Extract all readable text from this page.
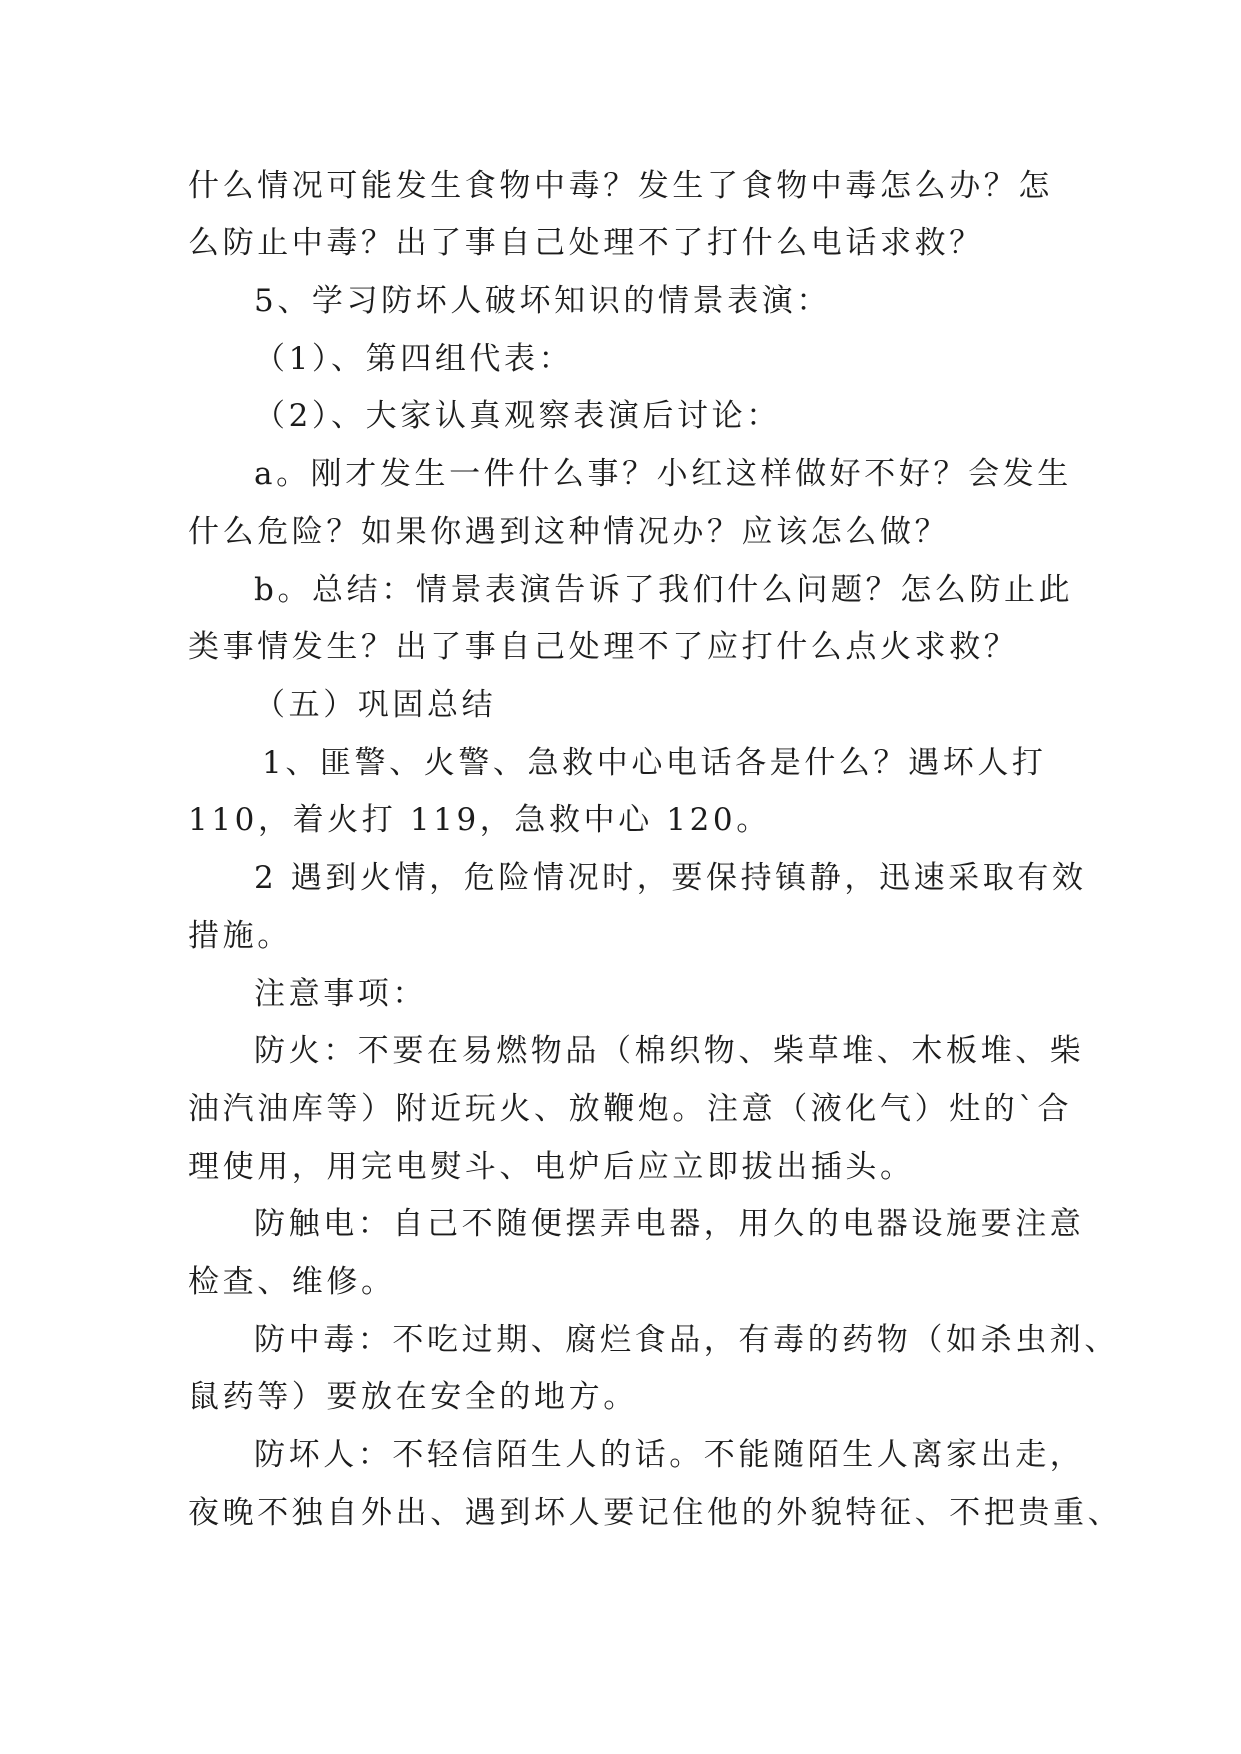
什么情况可能发生食物中毒？发生了食物中毒怎么办？怎
么防止中毒？出了事自己处理不了打什么电话求救？
5、学习防坏人破坏知识的情景表演：
（1）、第四组代表：
（2）、大家认真观察表演后讨论：
a。刚才发生一件什么事？小红这样做好不好？会发生
什么危险？如果你遇到这种情况办？应该怎么做？
b。总结：情景表演告诉了我们什么问题？怎么防止此
类事情发生？出了事自己处理不了应打什么点火求救？
（五）巩固总结
1、匪警、火警、急救中心电话各是什么？遇坏人打
110，着火打 119，急救中心 120。
2 遇到火情，危险情况时，要保持镇静，迅速采取有效
措施。
注意事项：
防火：不要在易燃物品（棉织物、柴草堆、木板堆、柴
油汽油库等）附近玩火、放鞭炮。注意（液化气）灶的`合
理使用，用完电熨斗、电炉后应立即拔出插头。
防触电：自己不随便摆弄电器，用久的电器设施要注意
检查、维修。
防中毒：不吃过期、腐烂食品，有毒的药物（如杀虫剂、
鼠药等）要放在安全的地方。
防坏人：不轻信陌生人的话。不能随陌生人离家出走，
夜晚不独自外出、遇到坏人要记住他的外貌特征、不把贵重、
